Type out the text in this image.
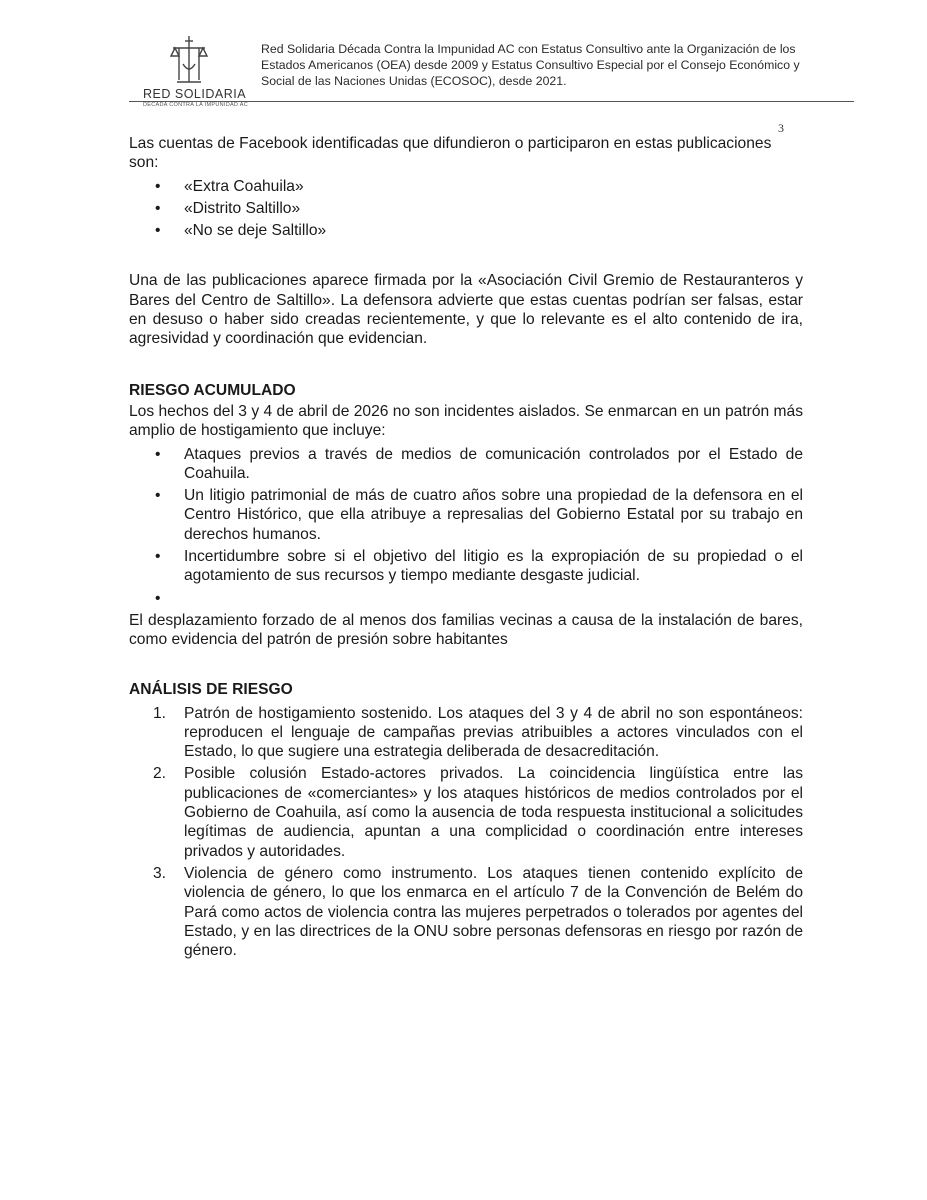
RED SOLIDARIA
DÉCADA CONTRA LA IMPUNIDAD AC
Red Solidaria Década Contra la Impunidad AC con Estatus Consultivo ante la Organización de los Estados Americanos (OEA) desde 2009 y Estatus Consultivo Especial por el Consejo Económico y Social de las Naciones Unidas (ECOSOC), desde 2021.
3

Las cuentas de Facebook identificadas que difundieron o participaron en estas publicaciones son:

• «Extra Coahuila»
• «Distrito Saltillo»
• «No se deje Saltillo»

Una de las publicaciones aparece firmada por la «Asociación Civil Gremio de Restauranteros y Bares del Centro de Saltillo». La defensora advierte que estas cuentas podrían ser falsas, estar en desuso o haber sido creadas recientemente, y que lo relevante es el alto contenido de ira, agresividad y coordinación que evidencian.

RIESGO ACUMULADO

Los hechos del 3 y 4 de abril de 2026 no son incidentes aislados. Se enmarcan en un patrón más amplio de hostigamiento que incluye:

• Ataques previos a través de medios de comunicación controlados por el Estado de Coahuila.
• Un litigio patrimonial de más de cuatro años sobre una propiedad de la defensora en el Centro Histórico, que ella atribuye a represalias del Gobierno Estatal por su trabajo en derechos humanos.
• Incertidumbre sobre si el objetivo del litigio es la expropiación de su propiedad o el agotamiento de sus recursos y tiempo mediante desgaste judicial.
•

El desplazamiento forzado de al menos dos familias vecinas a causa de la instalación de bares, como evidencia del patrón de presión sobre habitantes

ANÁLISIS DE RIESGO
1. Patrón de hostigamiento sostenido. Los ataques del 3 y 4 de abril no son espontáneos: reproducen el lenguaje de campañas previas atribuibles a actores vinculados con el Estado, lo que sugiere una estrategia deliberada de desacreditación.
2. Posible colusión Estado-actores privados. La coincidencia lingüística entre las publicaciones de «comerciantes» y los ataques históricos de medios controlados por el Gobierno de Coahuila, así como la ausencia de toda respuesta institucional a solicitudes legítimas de audiencia, apuntan a una complicidad o coordinación entre intereses privados y autoridades.
3. Violencia de género como instrumento. Los ataques tienen contenido explícito de violencia de género, lo que los enmarca en el artículo 7 de la Convención de Belém do Pará como actos de violencia contra las mujeres perpetrados o tolerados por agentes del Estado, y en las directrices de la ONU sobre personas defensoras en riesgo por razón de género.
